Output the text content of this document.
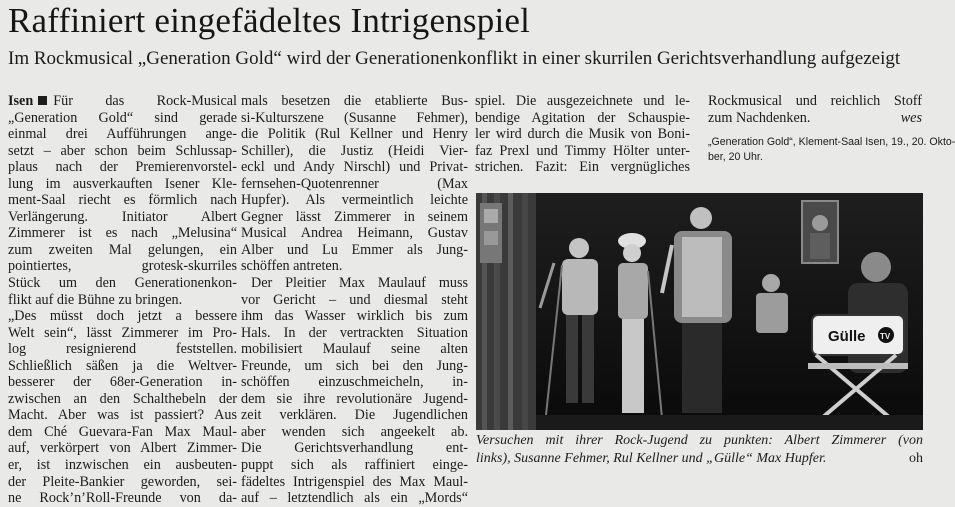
Raffiniert eingefädeltes Intrigenspiel
Im Rockmusical „Generation Gold“ wird der Generationenkonflikt in einer skurrilen Gerichtsverhandlung aufgezeigt
Isen Für das Rock-Musical
„Generation Gold“ sind gerade
einmal drei Aufführungen ange-
setzt – aber schon beim Schlussap-
plaus nach der Premierenvorstel-
lung im ausverkauften Isener Kle-
ment-Saal riecht es förmlich nach
Verlängerung. Initiator Albert
Zimmerer ist es nach „Melusina“
zum zweiten Mal gelungen, ein
pointiertes, grotesk-skurriles
Stück um den Generationenkon-
flikt auf die Bühne zu bringen.
„Des müsst doch jetzt a bessere
Welt sein“, lässt Zimmerer im Pro-
log resignierend feststellen.
Schließlich säßen ja die Weltver-
besserer der 68er-Generation in-
zwischen an den Schalthebeln der
Macht. Aber was ist passiert? Aus
dem Ché Guevara-Fan Max Maul-
auf, verkörpert von Albert Zimmer-
er, ist inzwischen ein ausbeuten-
der Pleite-Bankier geworden, sei-
ne Rock’n’Roll-Freunde von da-
mals besetzen die etablierte Bus-
si-Kulturszene (Susanne Fehmer),
die Politik (Rul Kellner und Henry
Schiller), die Justiz (Heidi Vier-
eckl und Andy Nirschl) und Privat-
fernsehen-Quotenrenner (Max
Hupfer). Als vermeintlich leichte
Gegner lässt Zimmerer in seinem
Musical Andrea Heimann, Gustav
Alber und Lu Emmer als Jung-
schöffen antreten.
Der Pleitier Max Maulauf muss
vor Gericht – und diesmal steht
ihm das Wasser wirklich bis zum
Hals. In der vertrackten Situation
mobilisiert Maulauf seine alten
Freunde, um sich bei den Jung-
schöffen einzuschmeicheln, in-
dem sie ihre revolutionäre Jugend-
zeit verklären. Die Jugendlichen
aber wenden sich angeekelt ab.
Die Gerichtsverhandlung ent-
puppt sich als raffiniert einge-
fädeltes Intrigenspiel des Max Maul-
auf – letztendlich als ein „Mords“
spiel. Die ausgezeichnete und le-
bendige Agitation der Schauspie-
ler wird durch die Musik von Boni-
faz Prexl und Timmy Hölter unter-
strichen. Fazit: Ein vergnügliches
Rockmusical und reichlich Stoff
zum Nachdenken.	wes
„Generation Gold“, Klement-Saal Isen, 19., 20. Okto-
ber, 20 Uhr.
Gülle TV
Versuchen mit ihrer Rock-Jugend zu punkten: Albert Zimmerer (von
links), Susanne Fehmer, Rul Kellner und „Gülle“ Max Hupfer.	oh
